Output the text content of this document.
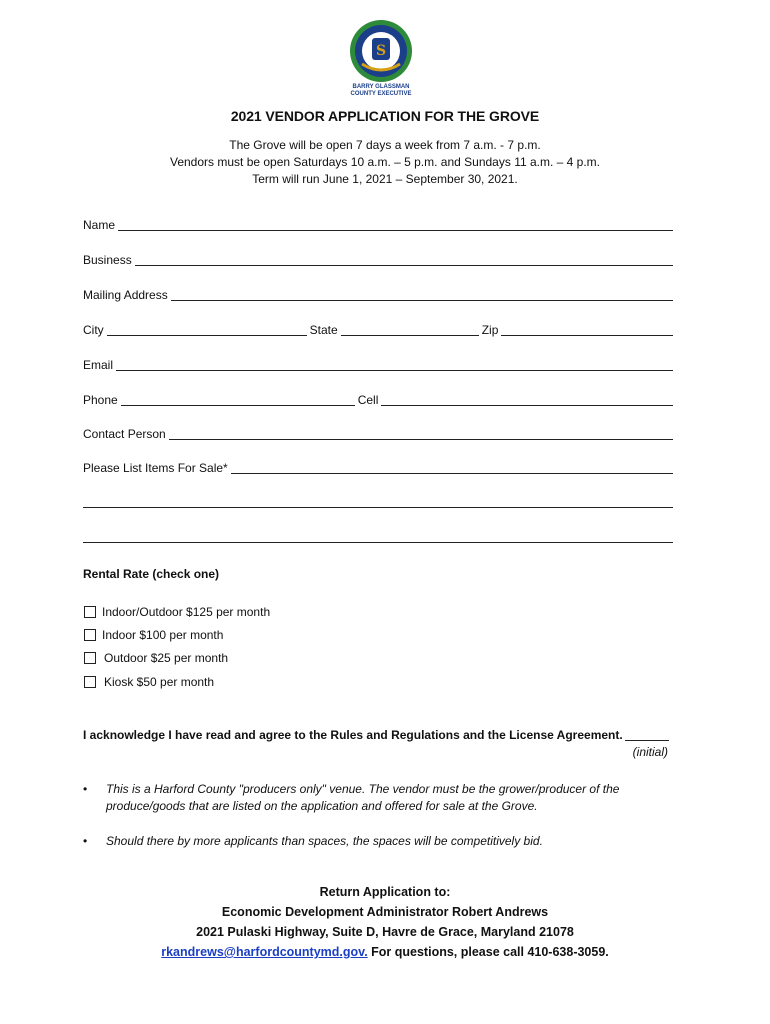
S
BARRY GLASSMAN
COUNTY EXECUTIVE
2021 VENDOR APPLICATION FOR THE GROVE
The Grove will be open 7 days a week from 7 a.m. - 7 p.m.
Vendors must be open Saturdays 10 a.m. – 5 p.m. and Sundays 11 a.m. – 4 p.m.
Term will run June 1, 2021 – September 30, 2021.
Name
Business
Mailing Address
City	State	Zip
Email
Phone	Cell
Contact Person
Please List Items For Sale*
Rental Rate (check one)
Indoor/Outdoor $125 per month
Indoor $100 per month
Outdoor $25 per month
Kiosk $50 per month
I acknowledge I have read and agree to the Rules and Regulations and the License Agreement.
(initial)
• This is a Harford County "producers only" venue. The vendor must be the grower/producer of the produce/goods that are listed on the application and offered for sale at the Grove.
• Should there by more applicants than spaces, the spaces will be competitively bid.
Return Application to:
Economic Development Administrator Robert Andrews
2021 Pulaski Highway, Suite D, Havre de Grace, Maryland 21078
rkandrews@harfordcountymd.gov. For questions, please call 410-638-3059.
